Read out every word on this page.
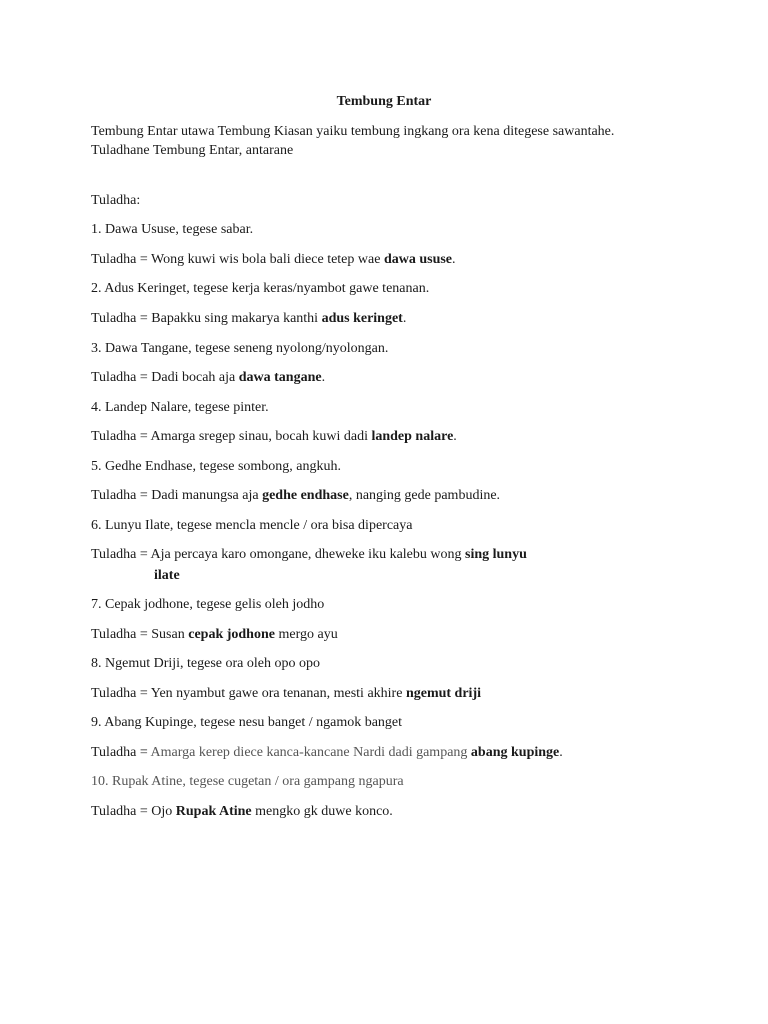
Tembung Entar
Tembung Entar utawa Tembung Kiasan yaiku tembung ingkang ora kena ditegese sawantahe.
Tuladhane Tembung Entar, antarane
Tuladha:
1. Dawa Ususe, tegese sabar.
Tuladha = Wong kuwi wis bola bali diece tetep wae dawa ususe.
2. Adus Keringet, tegese kerja keras/nyambot gawe tenanan.
Tuladha = Bapakku sing makarya kanthi adus keringet.
3. Dawa Tangane, tegese seneng nyolong/nyolongan.
Tuladha = Dadi bocah aja dawa tangane.
4. Landep Nalare, tegese pinter.
Tuladha = Amarga sregep sinau, bocah kuwi dadi landep nalare.
5. Gedhe Endhase, tegese sombong, angkuh.
Tuladha = Dadi manungsa aja gedhe endhase, nanging gede pambudine.
6. Lunyu Ilate, tegese mencla mencle / ora bisa dipercaya
Tuladha = Aja percaya karo omongane, dheweke iku kalebu wong sing lunyu
ilate
7. Cepak jodhone, tegese gelis oleh jodho
Tuladha = Susan cepak jodhone mergo ayu
8. Ngemut Driji, tegese ora oleh opo opo
Tuladha = Yen nyambut gawe ora tenanan, mesti akhire ngemut driji
9. Abang Kupinge, tegese nesu banget / ngamok banget
Tuladha = Amarga kerep diece kanca-kancane Nardi dadi gampang abang kupinge.
10. Rupak Atine, tegese cugetan / ora gampang ngapura
Tuladha = Ojo Rupak Atine mengko gk duwe konco.
